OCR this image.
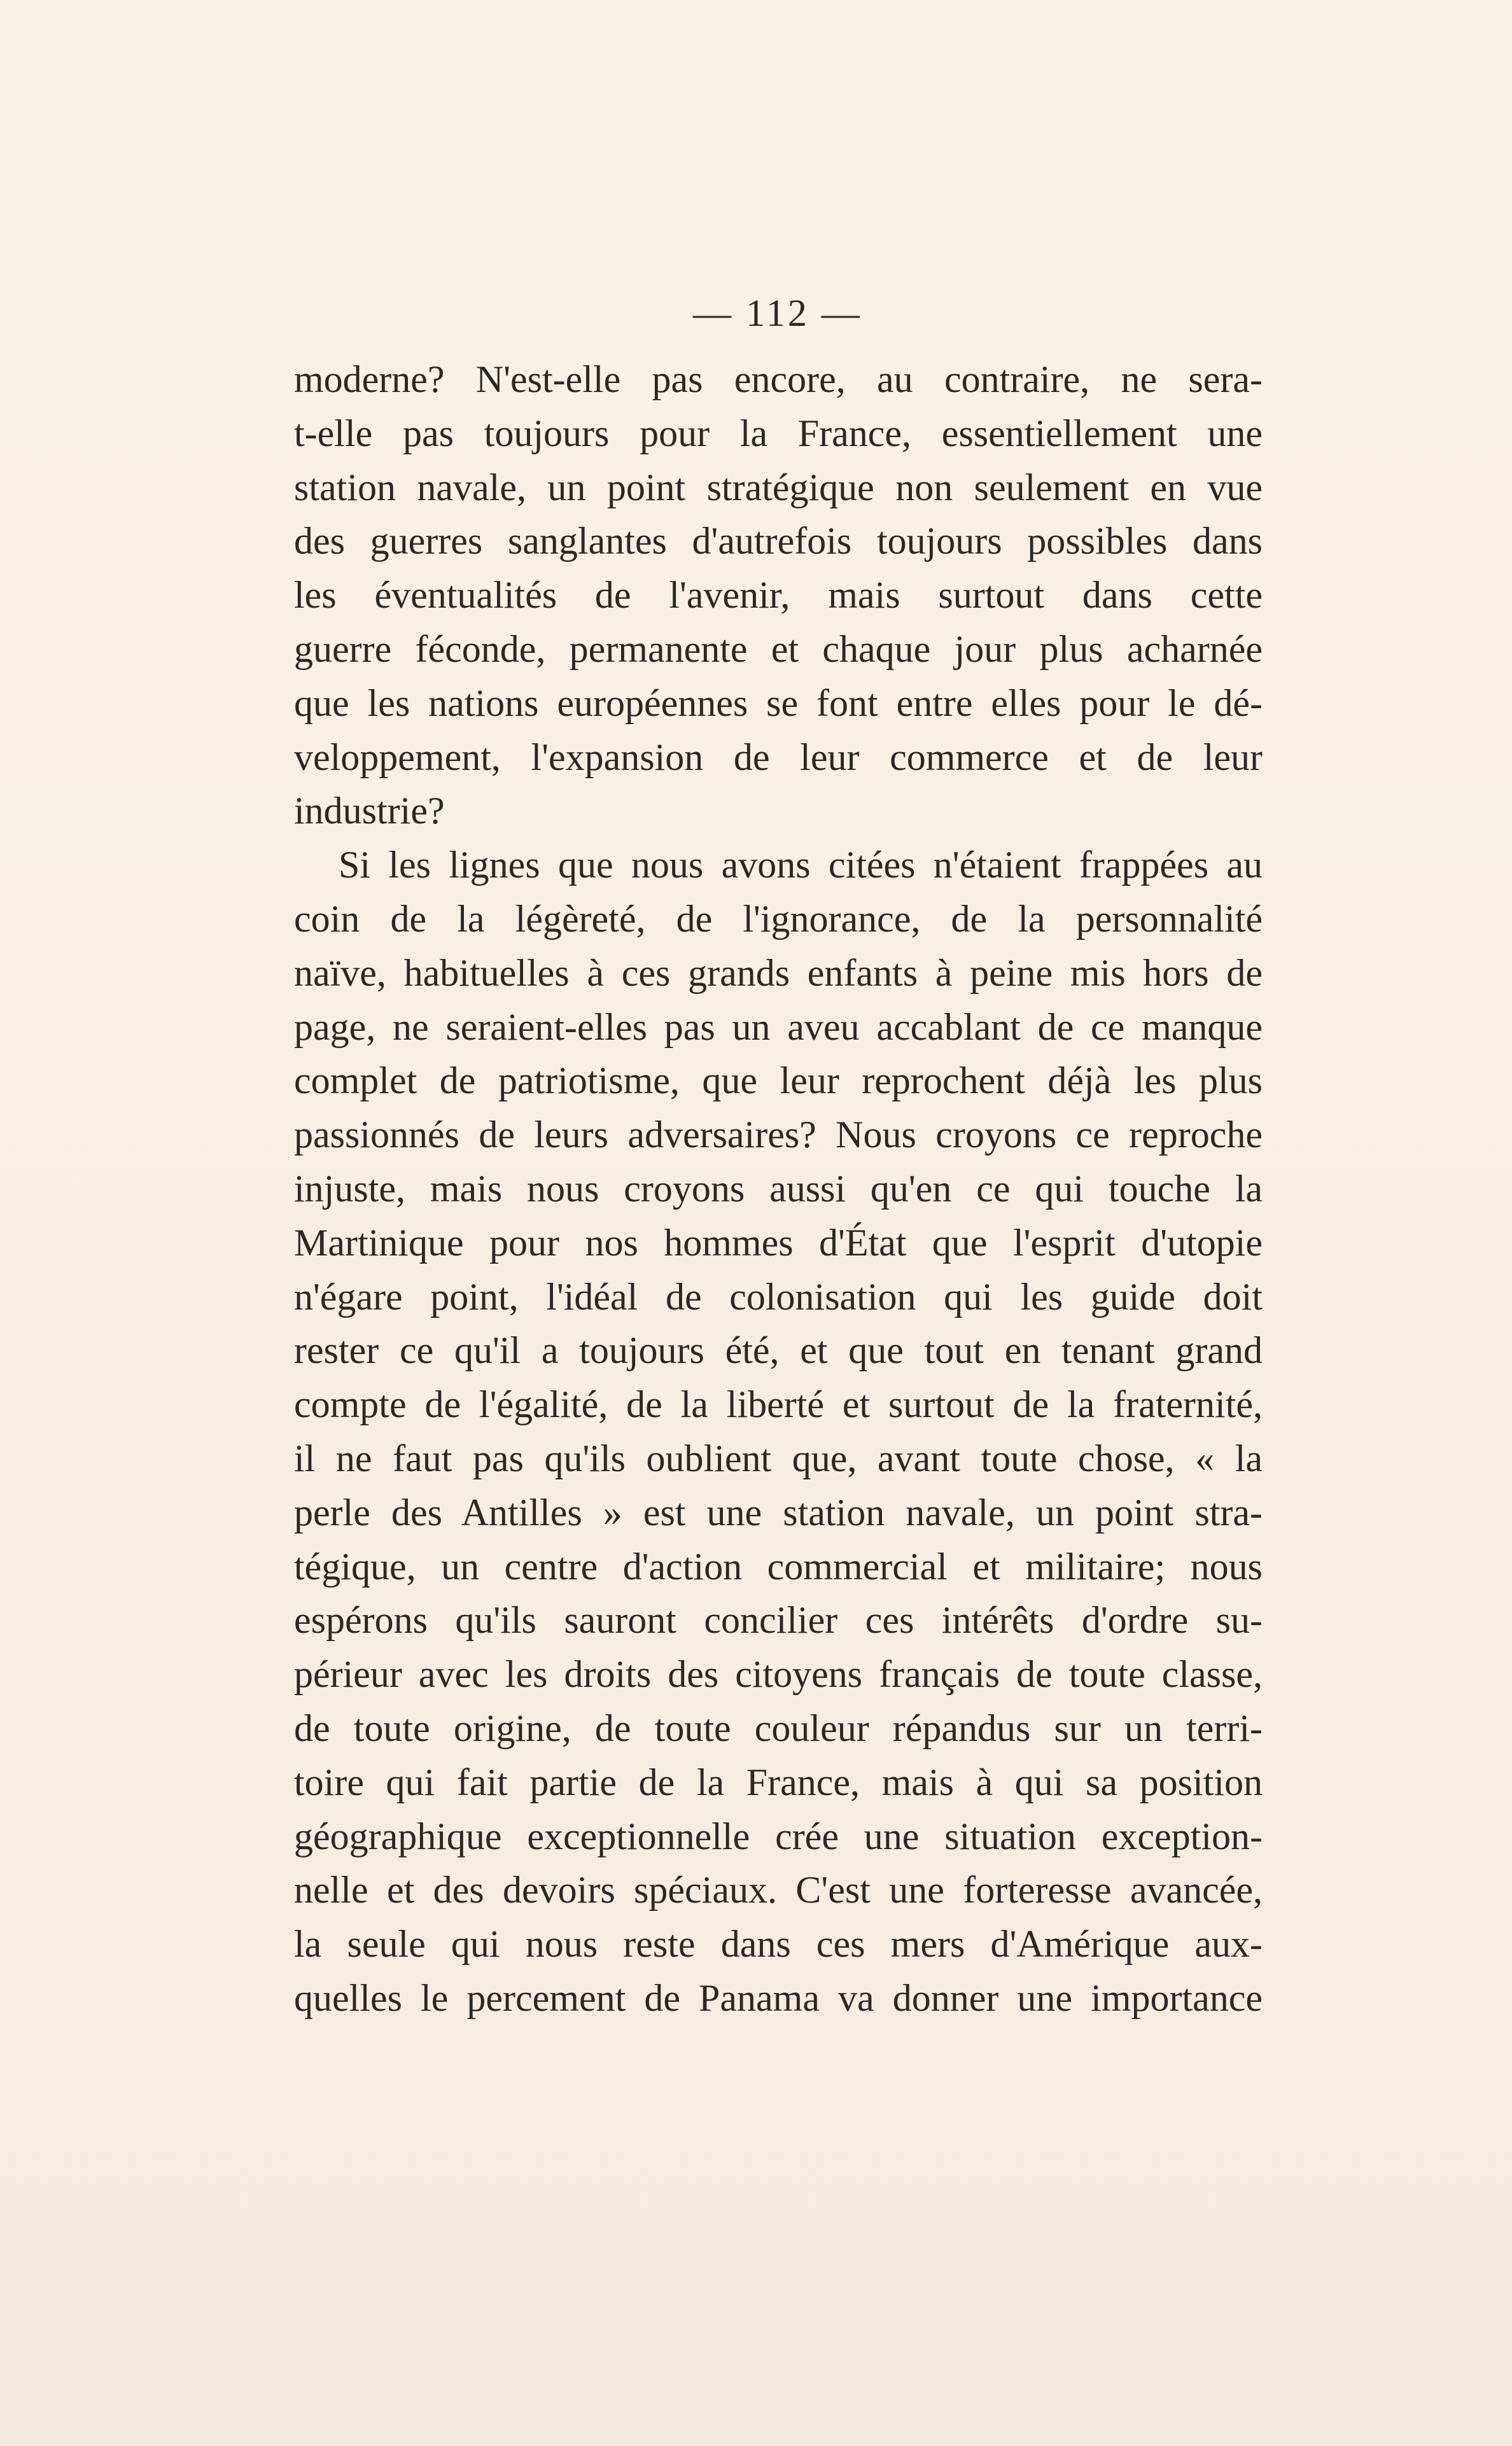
— 112 —

moderne? N'est-elle pas encore, au contraire, ne sera-
t-elle pas toujours pour la France, essentiellement une
station navale, un point stratégique non seulement en vue
des guerres sanglantes d'autrefois toujours possibles dans
les éventualités de l'avenir, mais surtout dans cette
guerre féconde, permanente et chaque jour plus acharnée
que les nations européennes se font entre elles pour le dé-
veloppement, l'expansion de leur commerce et de leur
industrie?

Si les lignes que nous avons citées n'étaient frappées au
coin de la légèreté, de l'ignorance, de la personnalité
naïve, habituelles à ces grands enfants à peine mis hors de
page, ne seraient-elles pas un aveu accablant de ce manque
complet de patriotisme, que leur reprochent déjà les plus
passionnés de leurs adversaires? Nous croyons ce reproche
injuste, mais nous croyons aussi qu'en ce qui touche la
Martinique pour nos hommes d'État que l'esprit d'utopie
n'égare point, l'idéal de colonisation qui les guide doit
rester ce qu'il a toujours été, et que tout en tenant grand
compte de l'égalité, de la liberté et surtout de la fraternité,
il ne faut pas qu'ils oublient que, avant toute chose, « la
perle des Antilles » est une station navale, un point stra-
tégique, un centre d'action commercial et militaire; nous
espérons qu'ils sauront concilier ces intérêts d'ordre su-
périeur avec les droits des citoyens français de toute classe,
de toute origine, de toute couleur répandus sur un terri-
toire qui fait partie de la France, mais à qui sa position
géographique exceptionnelle crée une situation exception-
nelle et des devoirs spéciaux. C'est une forteresse avancée,
la seule qui nous reste dans ces mers d'Amérique aux-
quelles le percement de Panama va donner une importance
